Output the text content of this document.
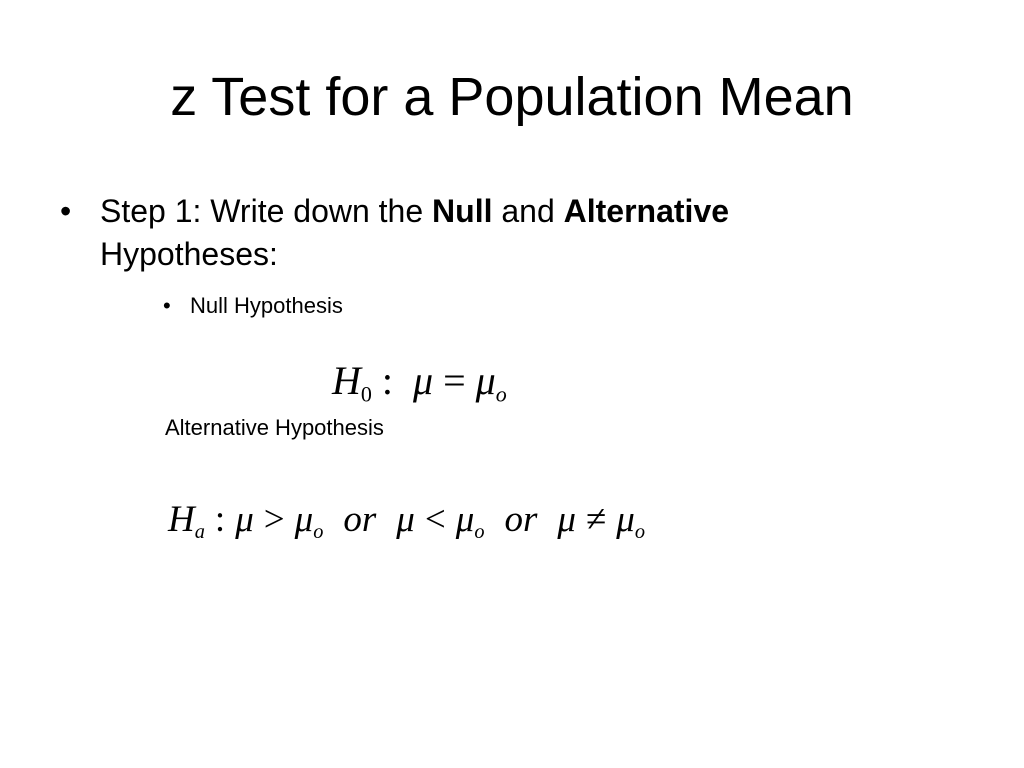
z Test for a Population Mean
• Step 1: Write down the Null and Alternative
Hypotheses:
• Null Hypothesis
$H_0$ : $\mu = \mu_o$
Alternative Hypothesis
$H_a$ : $\mu > \mu_o$ or $\mu < \mu_o$ or $\mu \ne \mu_o$
